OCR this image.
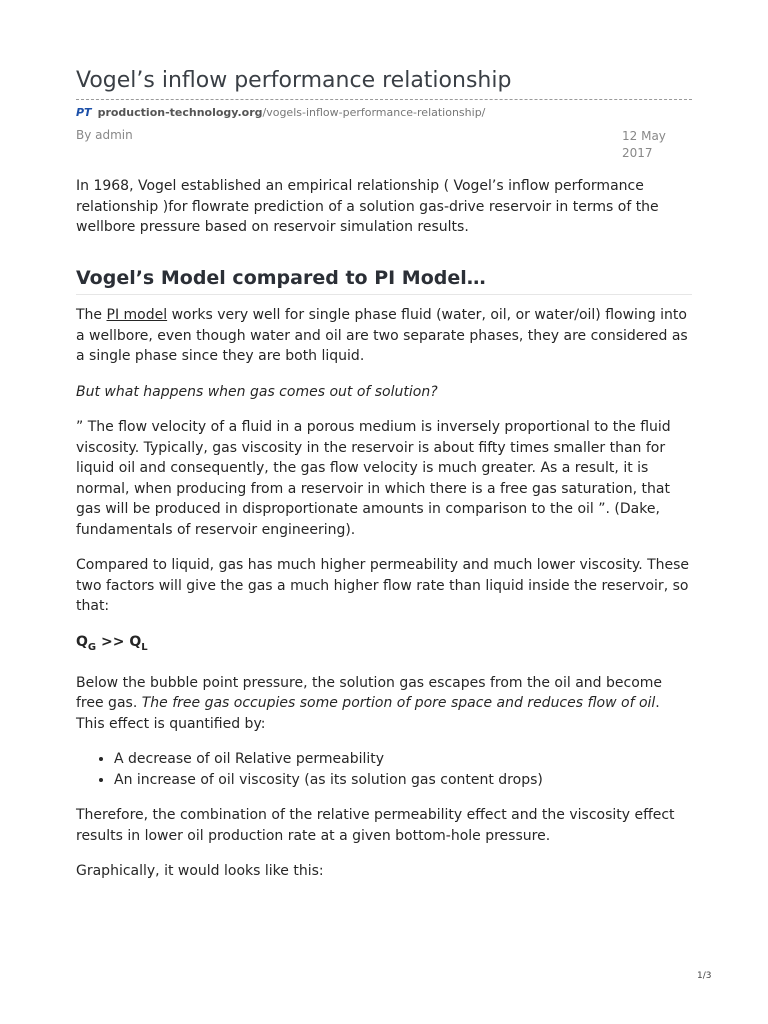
Vogel’s inflow performance relationship
PT production-technology.org/vogels-inflow-performance-relationship/
By admin	12 May 2017

In 1968, Vogel established an empirical relationship ( Vogel’s inflow performance relationship )for flowrate prediction of a solution gas-drive reservoir in terms of the wellbore pressure based on reservoir simulation results.

Vogel’s Model compared to PI Model…

The PI model works very well for single phase fluid (water, oil, or water/oil) flowing into a wellbore, even though water and oil are two separate phases, they are considered as a single phase since they are both liquid.

But what happens when gas comes out of solution?

” The flow velocity of a fluid in a porous medium is inversely proportional to the fluid viscosity. Typically, gas viscosity in the reservoir is about fifty times smaller than for liquid oil and consequently, the gas flow velocity is much greater. As a result, it is normal, when producing from a reservoir in which there is a free gas saturation, that gas will be produced in disproportionate amounts in comparison to the oil ”. (Dake, fundamentals of reservoir engineering).

Compared to liquid, gas has much higher permeability and much lower viscosity. These two factors will give the gas a much higher flow rate than liquid inside the reservoir, so that:

$Q_G >> Q_L$

Below the bubble point pressure, the solution gas escapes from the oil and become free gas. The free gas occupies some portion of pore space and reduces flow of oil. This effect is quantified by:

• A decrease of oil Relative permeability
• An increase of oil viscosity (as its solution gas content drops)

Therefore, the combination of the relative permeability effect and the viscosity effect results in lower oil production rate at a given bottom-hole pressure.

Graphically, it would looks like this:

1/3
